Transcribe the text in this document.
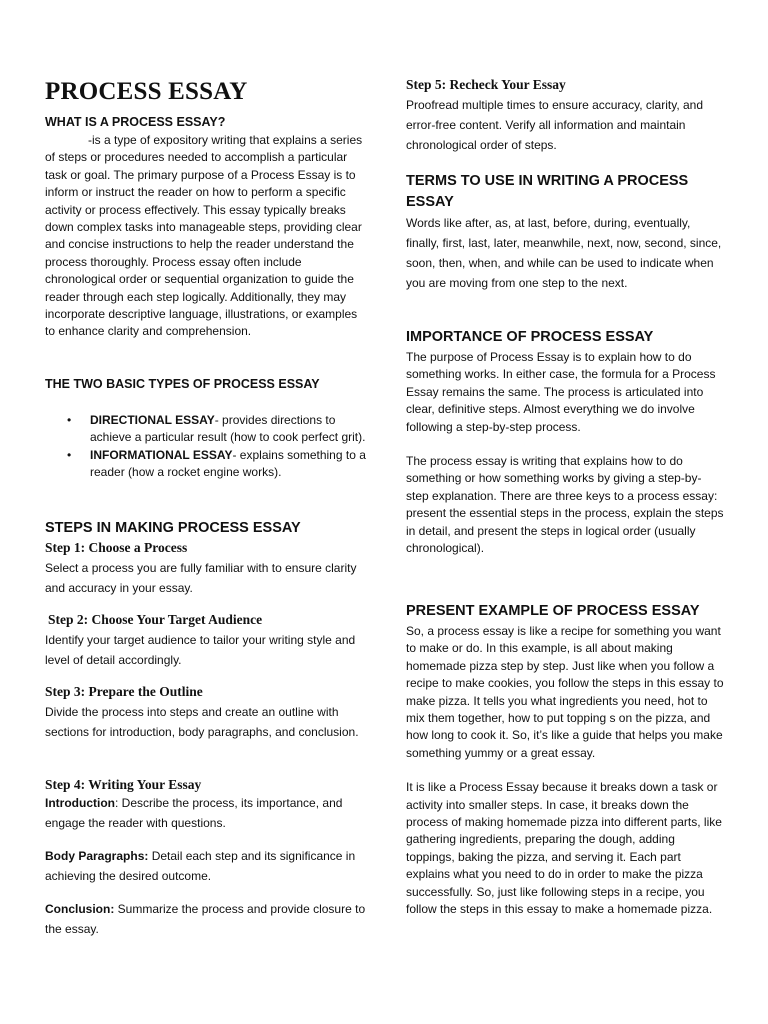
PROCESS ESSAY
WHAT IS A PROCESS ESSAY?

-is a type of expository writing that explains a series of steps or procedures needed to accomplish a particular task or goal. The primary purpose of a Process Essay is to inform or instruct the reader on how to perform a specific activity or process effectively. This essay typically breaks down complex tasks into manageable steps, providing clear and concise instructions to help the reader understand the process thoroughly. Process essay often include chronological order or sequential organization to guide the reader through each step logically. Additionally, they may incorporate descriptive language, illustrations, or examples to enhance clarity and comprehension.

THE TWO BASIC TYPES OF PROCESS ESSAY
• DIRECTIONAL ESSAY- provides directions to achieve a particular result (how to cook perfect grit).
• INFORMATIONAL ESSAY- explains something to a reader (how a rocket engine works).
STEPS IN MAKING PROCESS ESSAY
Step 1: Choose a Process

Select a process you are fully familiar with to ensure clarity and accuracy in your essay.

Step 2: Choose Your Target Audience

Identify your target audience to tailor your writing style and level of detail accordingly.

Step 3: Prepare the Outline

Divide the process into steps and create an outline with sections for introduction, body paragraphs, and conclusion.

Step 4: Writing Your Essay

Introduction: Describe the process, its importance, and engage the reader with questions.

Body Paragraphs: Detail each step and its significance in achieving the desired outcome.

Conclusion: Summarize the process and provide closure to the essay.

Step 5: Recheck Your Essay

Proofread multiple times to ensure accuracy, clarity, and error-free content. Verify all information and maintain chronological order of steps.

TERMS TO USE IN WRITING A PROCESS ESSAY

Words like after, as, at last, before, during, eventually, finally, first, last, later, meanwhile, next, now, second, since, soon, then, when, and while can be used to indicate when you are moving from one step to the next.

IMPORTANCE OF PROCESS ESSAY

The purpose of Process Essay is to explain how to do something works. In either case, the formula for a Process Essay remains the same. The process is articulated into clear, definitive steps. Almost everything we do involve following a step-by-step process.

The process essay is writing that explains how to do something or how something works by giving a step-by-step explanation. There are three keys to a process essay: present the essential steps in the process, explain the steps in detail, and present the steps in logical order (usually chronological).

PRESENT EXAMPLE OF PROCESS ESSAY

So, a process essay is like a recipe for something you want to make or do. In this example, is all about making homemade pizza step by step. Just like when you follow a recipe to make cookies, you follow the steps in this essay to make pizza. It tells you what ingredients you need, hot to mix them together, how to put topping s on the pizza, and how long to cook it. So, it’s like a guide that helps you make something yummy or a great essay.

It is like a Process Essay because it breaks down a task or activity into smaller steps. In case, it breaks down the process of making homemade pizza into different parts, like gathering ingredients, preparing the dough, adding toppings, baking the pizza, and serving it. Each part explains what you need to do in order to make the pizza successfully. So, just like following steps in a recipe, you follow the steps in this essay to make a homemade pizza.
